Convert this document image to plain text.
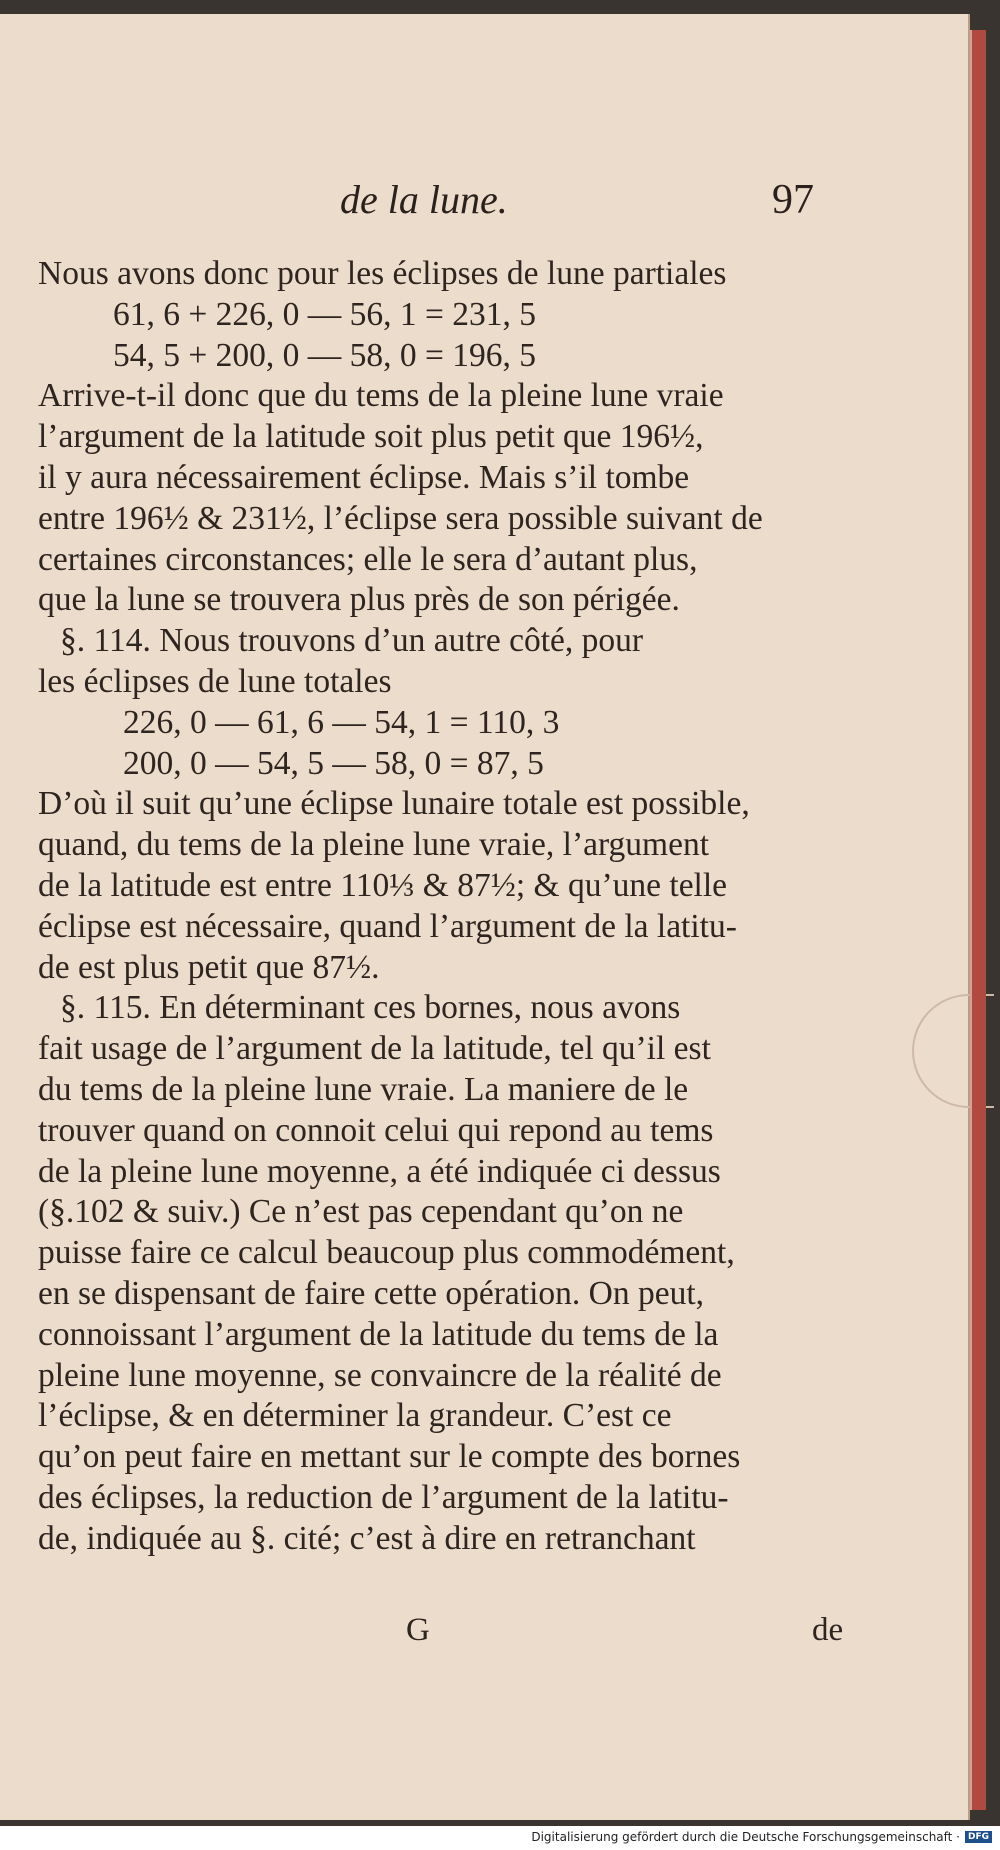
de la lune.	97
Nous avons donc pour les éclipses de lune partiales
61, 6 + 226, 0 — 56, 1 = 231, 5
54, 5 + 200, 0 — 58, 0 = 196, 5
Arrive-t-il donc que du tems de la pleine lune vraie
l’argument de la latitude soit plus petit que 196½,
il y aura nécessairement éclipse. Mais s’il tombe
entre 196½ & 231½, l’éclipse sera possible suivant de
certaines circonstances; elle le sera d’autant plus,
que la lune se trouvera plus près de son périgée.
§. 114. Nous trouvons d’un autre côté, pour
les éclipses de lune totales
226, 0 — 61, 6 — 54, 1 = 110, 3
200, 0 — 54, 5 — 58, 0 = 87, 5
D’où il suit qu’une éclipse lunaire totale est possible,
quand, du tems de la pleine lune vraie, l’argument
de la latitude est entre 110⅓ & 87½; & qu’une telle
éclipse est nécessaire, quand l’argument de la latitu-
de est plus petit que 87½.
§. 115. En déterminant ces bornes, nous avons
fait usage de l’argument de la latitude, tel qu’il est
du tems de la pleine lune vraie. La maniere de le
trouver quand on connoit celui qui repond au tems
de la pleine lune moyenne, a été indiquée ci dessus
(§.102 & suiv.) Ce n’est pas cependant qu’on ne
puisse faire ce calcul beaucoup plus commodément,
en se dispensant de faire cette opération. On peut,
connoissant l’argument de la latitude du tems de la
pleine lune moyenne, se convaincre de la réalité de
l’éclipse, & en déterminer la grandeur. C’est ce
qu’on peut faire en mettant sur le compte des bornes
des éclipses, la reduction de l’argument de la latitu-
de, indiquée au §. cité; c’est à dire en retranchant
G	de
Digitalisierung gefördert durch die Deutsche Forschungsgemeinschaft · DFG
